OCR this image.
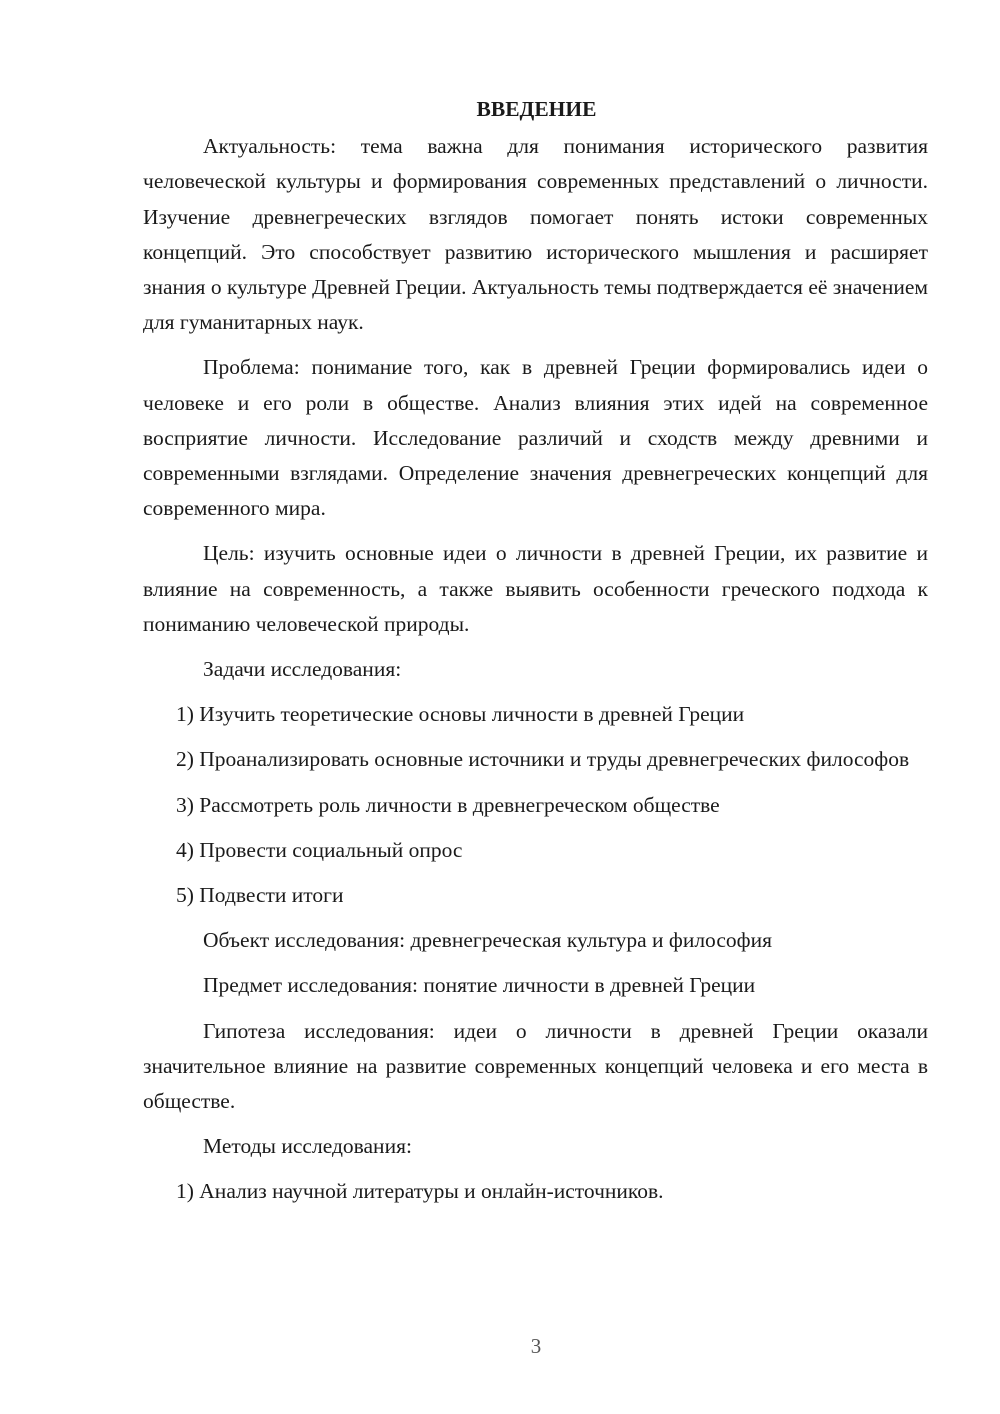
ВВЕДЕНИЕ

Актуальность: тема важна для понимания исторического развития человеческой культуры и формирования современных представлений о личности. Изучение древнегреческих взглядов помогает понять истоки современных концепций. Это способствует развитию исторического мышления и расширяет знания о культуре Древней Греции. Актуальность темы подтверждается её значением для гуманитарных наук.

Проблема: понимание того, как в древней Греции формировались идеи о человеке и его роли в обществе. Анализ влияния этих идей на современное восприятие личности. Исследование различий и сходств между древними и современными взглядами. Определение значения древнегреческих концепций для современного мира.

Цель: изучить основные идеи о личности в древней Греции, их развитие и влияние на современность, а также выявить особенности греческого подхода к пониманию человеческой природы.

Задачи исследования:

1) Изучить теоретические основы личности в древней Греции

2) Проанализировать основные источники и труды древнегреческих философов

3) Рассмотреть роль личности в древнегреческом обществе

4) Провести социальный опрос

5) Подвести итоги

Объект исследования: древнегреческая культура и философия

Предмет исследования: понятие личности в древней Греции

Гипотеза исследования: идеи о личности в древней Греции оказали значительное влияние на развитие современных концепций человека и его места в обществе.

Методы исследования:

1) Анализ научной литературы и онлайн-источников.

3
